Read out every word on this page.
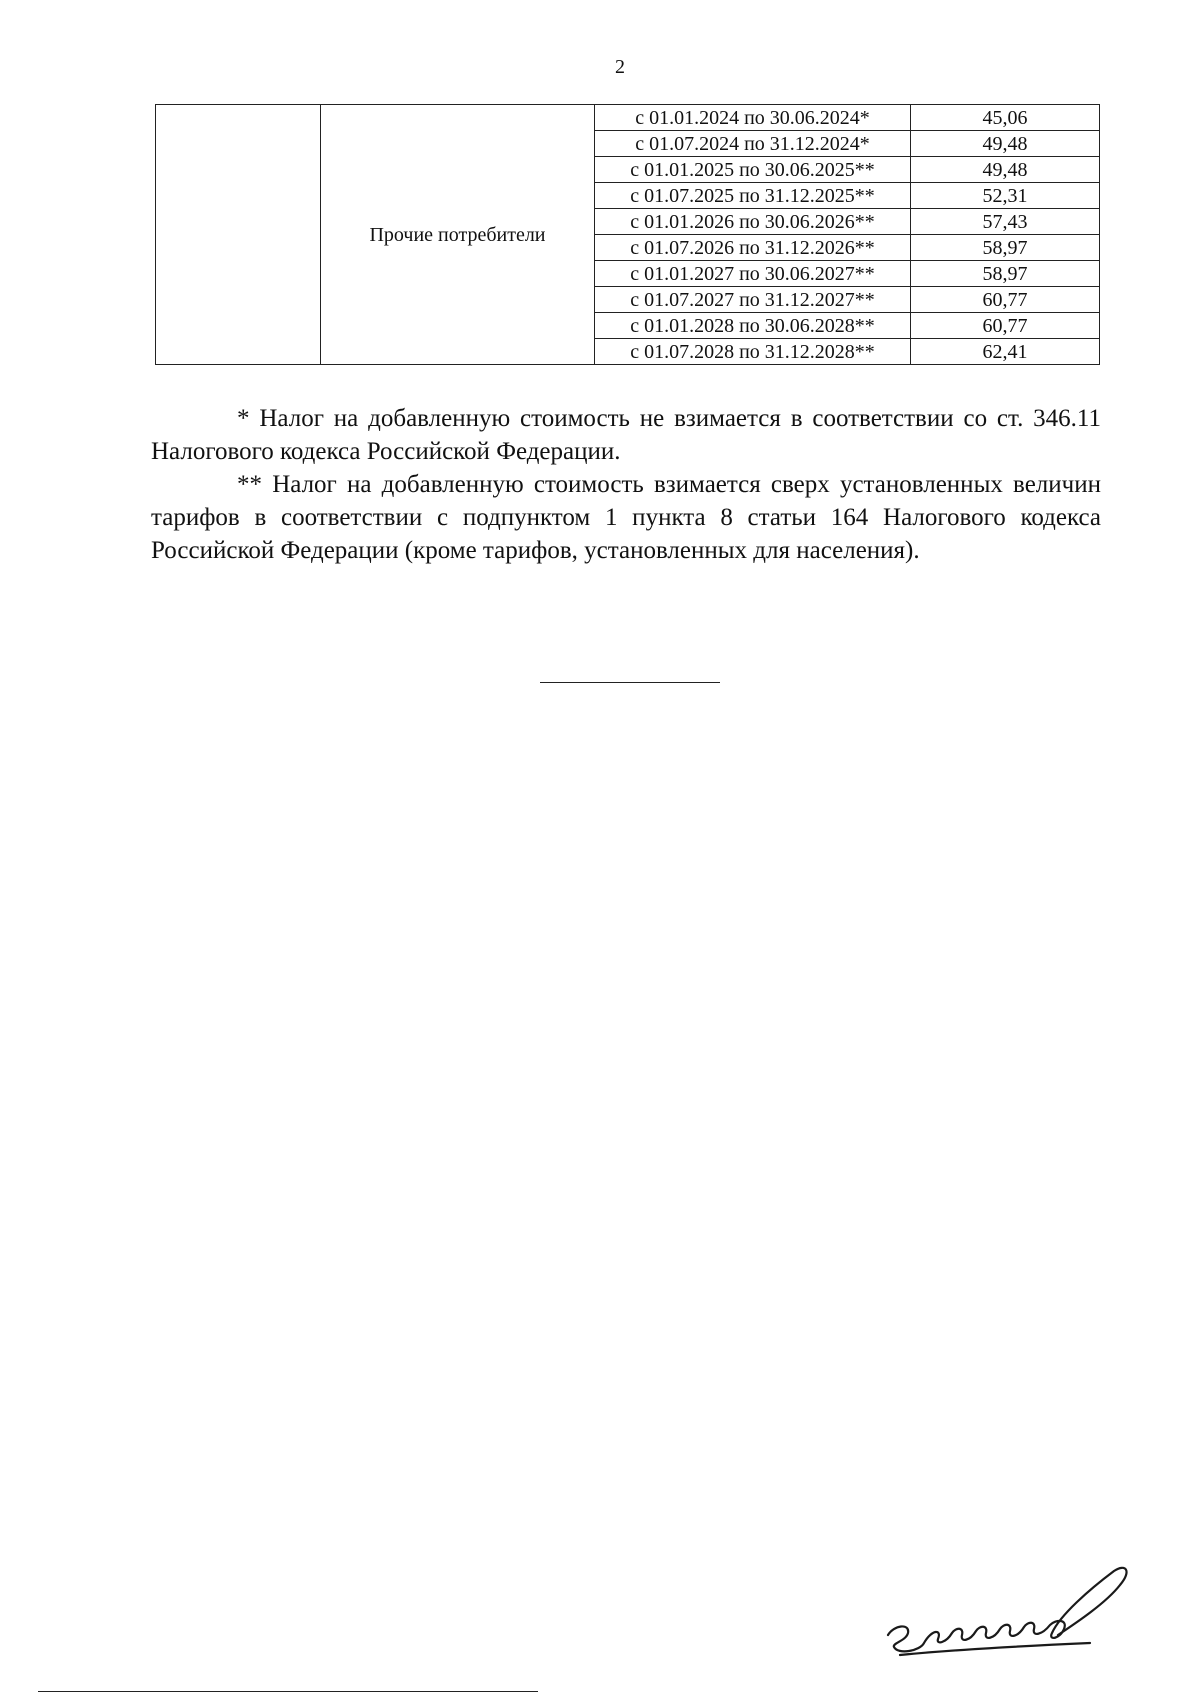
2
	Прочие потребители	с 01.01.2024 по 30.06.2024*	45,06
		с 01.07.2024 по 31.12.2024*	49,48
		с 01.01.2025 по 30.06.2025**	49,48
		с 01.07.2025 по 31.12.2025**	52,31
		с 01.01.2026 по 30.06.2026**	57,43
		с 01.07.2026 по 31.12.2026**	58,97
		с 01.01.2027 по 30.06.2027**	58,97
		с 01.07.2027 по 31.12.2027**	60,77
		с 01.01.2028 по 30.06.2028**	60,77
		с 01.07.2028 по 31.12.2028**	62,41

* Налог на добавленную стоимость не взимается в соответствии со ст. 346.11 Налогового кодекса Российской Федерации.

** Налог на добавленную стоимость взимается сверх установленных величин тарифов в соответствии с подпунктом 1 пункта 8 статьи 164 Налогового кодекса Российской Федерации (кроме тарифов, установленных для населения).
